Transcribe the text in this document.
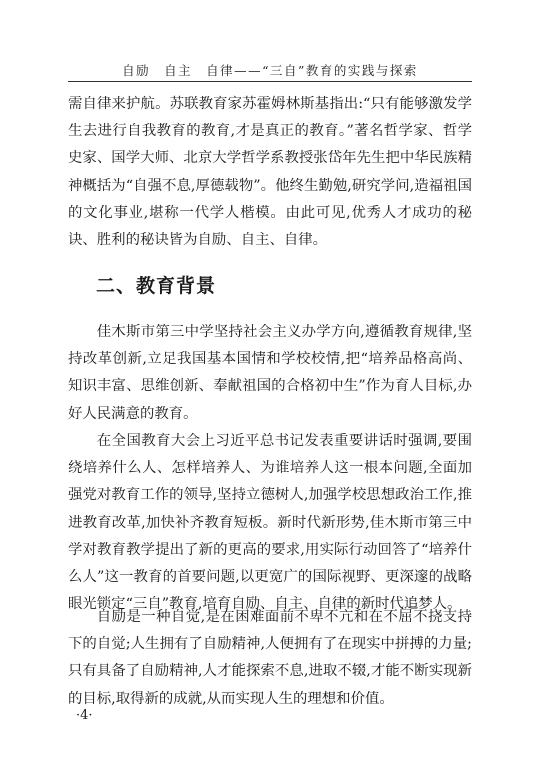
自励　自主　自律——“三自”教育的实践与探索

需自律来护航。苏联教育家苏霍姆林斯基指出:“只有能够激发学生去进行自我教育的教育,才是真正的教育。”著名哲学家、哲学史家、国学大师、北京大学哲学系教授张岱年先生把中华民族精神概括为“自强不息,厚德载物”。他终生勤勉,研究学问,造福祖国的文化事业,堪称一代学人楷模。由此可见,优秀人才成功的秘诀、胜利的秘诀皆为自励、自主、自律。

二、教育背景

佳木斯市第三中学坚持社会主义办学方向,遵循教育规律,坚持改革创新,立足我国基本国情和学校校情,把“培养品格高尚、知识丰富、思维创新、奉献祖国的合格初中生”作为育人目标,办好人民满意的教育。

在全国教育大会上习近平总书记发表重要讲话时强调,要围绕培养什么人、怎样培养人、为谁培养人这一根本问题,全面加强党对教育工作的领导,坚持立德树人,加强学校思想政治工作,推进教育改革,加快补齐教育短板。新时代新形势,佳木斯市第三中学对教育教学提出了新的更高的要求,用实际行动回答了“培养什么人”这一教育的首要问题,以更宽广的国际视野、更深邃的战略眼光锁定“三自”教育,培育自励、自主、自律的新时代追梦人。

自励是一种自觉,是在困难面前不卑不亢和在不屈不挠支持下的自觉;人生拥有了自励精神,人便拥有了在现实中拼搏的力量;只有具备了自励精神,人才能探索不息,进取不辍,才能不断实现新的目标,取得新的成就,从而实现人生的理想和价值。

·4·
